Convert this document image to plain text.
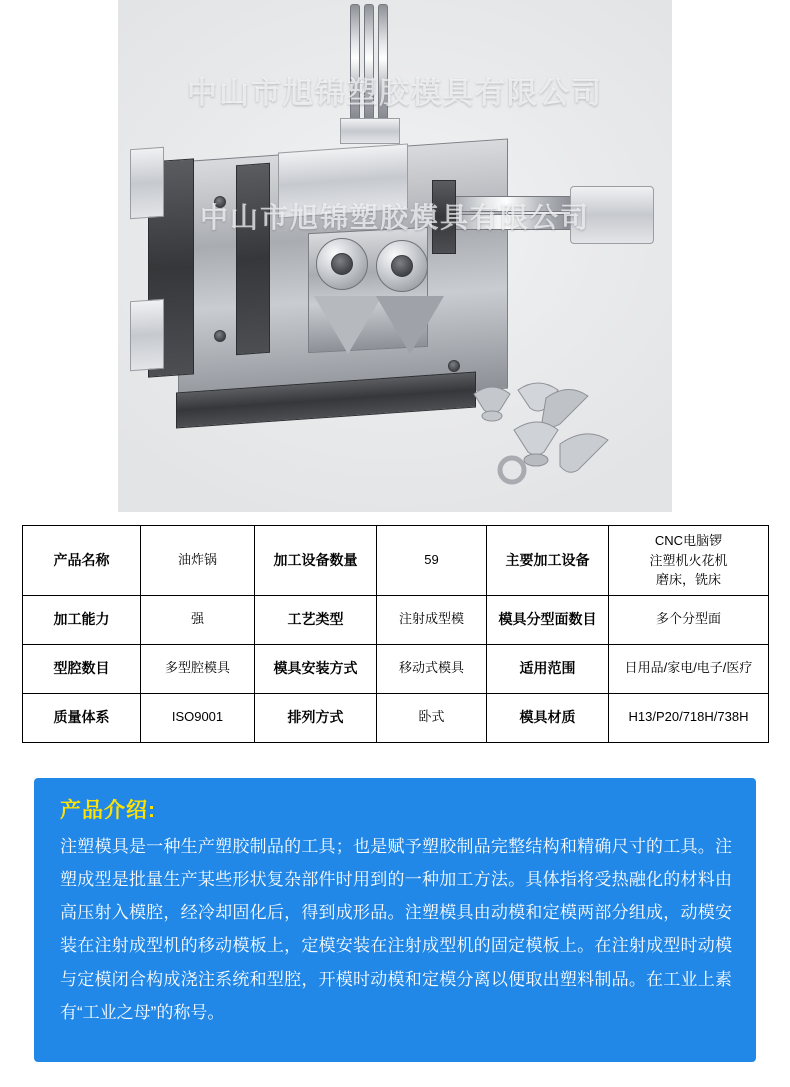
中山市旭锦塑胶模具有限公司
中山市旭锦塑胶模具有限公司
产品名称	油炸锅	加工设备数量	59	主要加工设备	CNC电脑锣
注塑机火花机
磨床，铣床

加工能力	强	工艺类型	注射成型模	模具分型面数目	多个分型面
型腔数目	多型腔模具	模具安装方式	移动式模具	适用范围	日用品/家电/电子/医疗
质量体系	ISO9001	排列方式	卧式	模具材质	H13/P20/718H/738H
产品介绍:

注塑模具是一种生产塑胶制品的工具；也是赋予塑胶制品完整结构和精确尺寸的工具。注塑成型是批量生产某些形状复杂部件时用到的一种加工方法。具体指将受热融化的材料由高压射入模腔，经冷却固化后，得到成形品。注塑模具由动模和定模两部分组成，动模安装在注射成型机的移动模板上，定模安装在注射成型机的固定模板上。在注射成型时动模与定模闭合构成浇注系统和型腔，开模时动模和定模分离以便取出塑料制品。在工业上素有“工业之母”的称号。
